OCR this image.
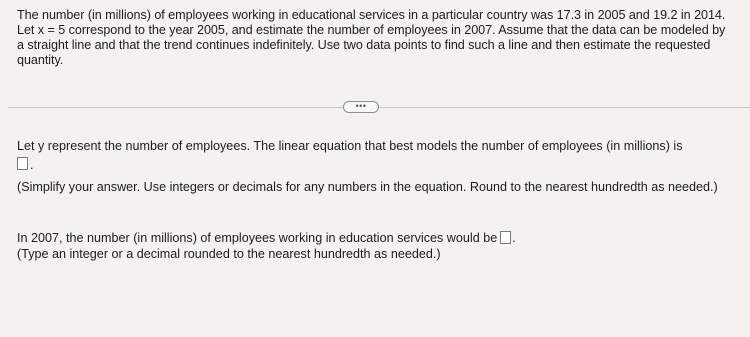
The number (in millions) of employees working in educational services in a particular country was 17.3 in 2005 and 19.2 in 2014. Let x = 5 correspond to the year 2005, and estimate the number of employees in 2007. Assume that the data can be modeled by a straight line and that the trend continues indefinitely. Use two data points to find such a line and then estimate the requested quantity.
•••
Let y represent the number of employees. The linear equation that best models the number of employees (in millions) is
.
(Simplify your answer. Use integers or decimals for any numbers in the equation. Round to the nearest hundredth as needed.)
In 2007, the number (in millions) of employees working in education services would be .
(Type an integer or a decimal rounded to the nearest hundredth as needed.)
